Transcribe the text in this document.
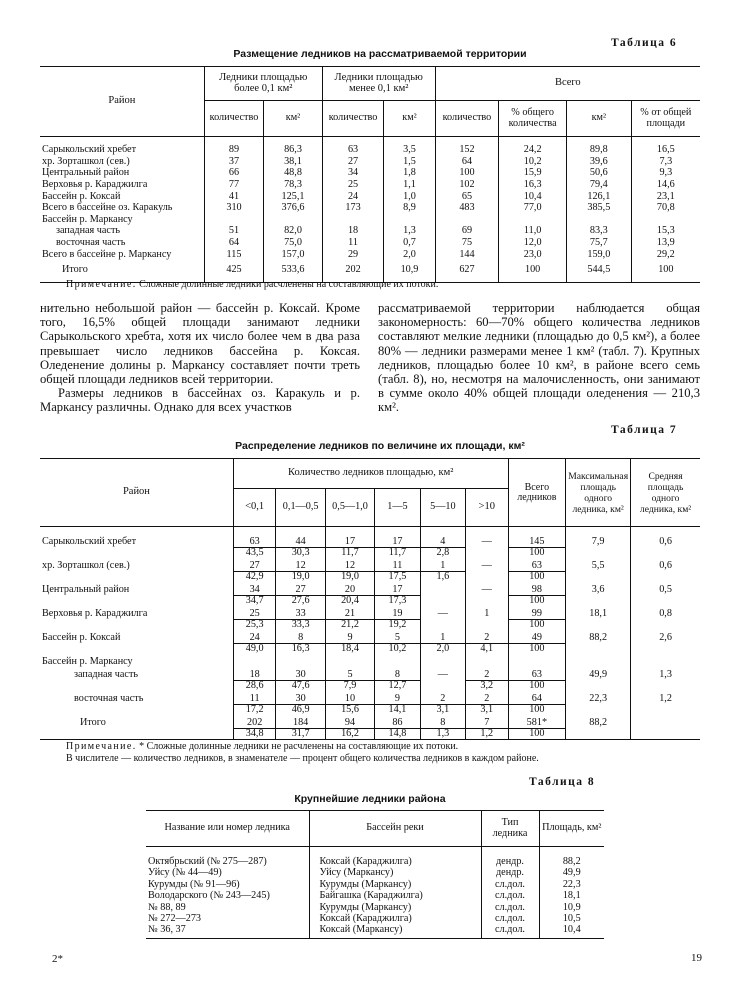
Таблица 6
Размещение ледников на рассматриваемой территории
Район	Ледники площадью более 0,1 км²		Ледники площадью менее 0,1 км²		Всего			
	количество	км²	количество	км²	количество	% общего количества	км²	% от общей площади

Сарыкольский хребет	89	86,3	63	3,5	152	24,2	89,8	16,5
хр. Зорташкол (сев.)	37	38,1	27	1,5	64	10,2	39,6	7,3
Центральный район	66	48,8	34	1,8	100	15,9	50,6	9,3
Верховья р. Караджилга	77	78,3	25	1,1	102	16,3	79,4	14,6
Бассейн р. Коксай	41	125,1	24	1,0	65	10,4	126,1	23,1
Всего в бассейне оз. Каракуль	310	376,6	173	8,9	483	77,0	385,5	70,8
Бассейн р. Маркансу								
западная часть	51	82,0	18	1,3	69	11,0	83,3	15,3
восточная часть	64	75,0	11	0,7	75	12,0	75,7	13,9
Всего в бассейне р. Маркансу	115	157,0	29	2,0	144	23,0	159,0	29,2
Итого	425	533,6	202	10,9	627	100	544,5	100
Примечание. Сложные долинные ледники расчленены на составляющие их потоки.
нительно небольшой район — бассейн р. Коксай. Кроме того, 16,5% общей площади занимают ледники Сарыкольского хребта, хотя их число более чем в два раза превышает число ледников бассейна р. Коксая. Оледенение долины р. Маркансу составляет почти треть общей площади ледников всей территории.
Размеры ледников в бассейнах оз. Каракуль и р. Маркансу различны. Однако для всех участков
рассматриваемой территории наблюдается общая закономерность: 60—70% общего количества ледников составляют мелкие ледники (площадью до 0,5 км²), а более 80% — ледники размерами менее 1 км² (табл. 7). Крупных ледников, площадью более 10 км², в районе всего семь (табл. 8), но, несмотря на малочисленность, они занимают в сумме около 40% общей площади оледенения — 210,3 км².
Таблица 7
Распределение ледников по величине их площади, км²
Район	Количество ледников площадью, км²						Всего ледников	Максимальная площадь одного ледника, км²	Средняя площадь одного ледника, км²
	<0,1	0,1—0,5	0,5—1,0	1—5	5—10	>10			

Сарыкольский хребет	63	44	17	17	4	—	145	7,9	0,6
	43,5	30,3	11,7	11,7	2,8		100		
хр. Зорташкол (сев.)	27	12	12	11	1	—	63	5,5	0,6
	42,9	19,0	19,0	17,5	1,6		100		
Центральный район	34	27	20	17		—	98	3,6	0,5
	34,7	27,6	20,4	17,3			100		
Верховья р. Караджилга	25	33	21	19	—	1	99	18,1	0,8
	25,3	33,3	21,2	19,2			100		
Бассейн р. Коксай	24	8	9	5	1	2	49	88,2	2,6
	49,0	16,3	18,4	10,2	2,0	4,1	100		
Бассейн р. Маркансу									
западная часть	18	30	5	8	—	2	63	49,9	1,3
	28,6	47,6	7,9	12,7		3,2	100		
восточная часть	11	30	10	9	2	2	64	22,3	1,2
	17,2	46,9	15,6	14,1	3,1	3,1	100		
Итого	202	184	94	86	8	7	581*	88,2	
	34,8	31,7	16,2	14,8	1,3	1,2	100		
Примечание. * Сложные долинные ледники не расчленены на составляющие их потоки.
В числителе — количество ледников, в знаменателе — процент общего количества ледников в каждом районе.
Таблица 8
Крупнейшие ледники района
Название или номер ледника	Бассейн реки	Тип ледника	Площадь, км²

Октябрьский (№ 275—287)	Коксай (Караджилга)	дендр.	88,2
Уйсу (№ 44—49)	Уйсу (Маркансу)	дендр.	49,9
Курумды (№ 91—96)	Курумды (Маркансу)	сл.дол.	22,3
Володарского (№ 243—245)	Байгашка (Караджилга)	сл.дол.	18,1
№ 88, 89	Курумды (Маркансу)	сл.дол.	10,9
№ 272—273	Коксай (Караджилга)	сл.дол.	10,5
№ 36, 37	Коксай (Маркансу)	сл.дол.	10,4
2*	19
